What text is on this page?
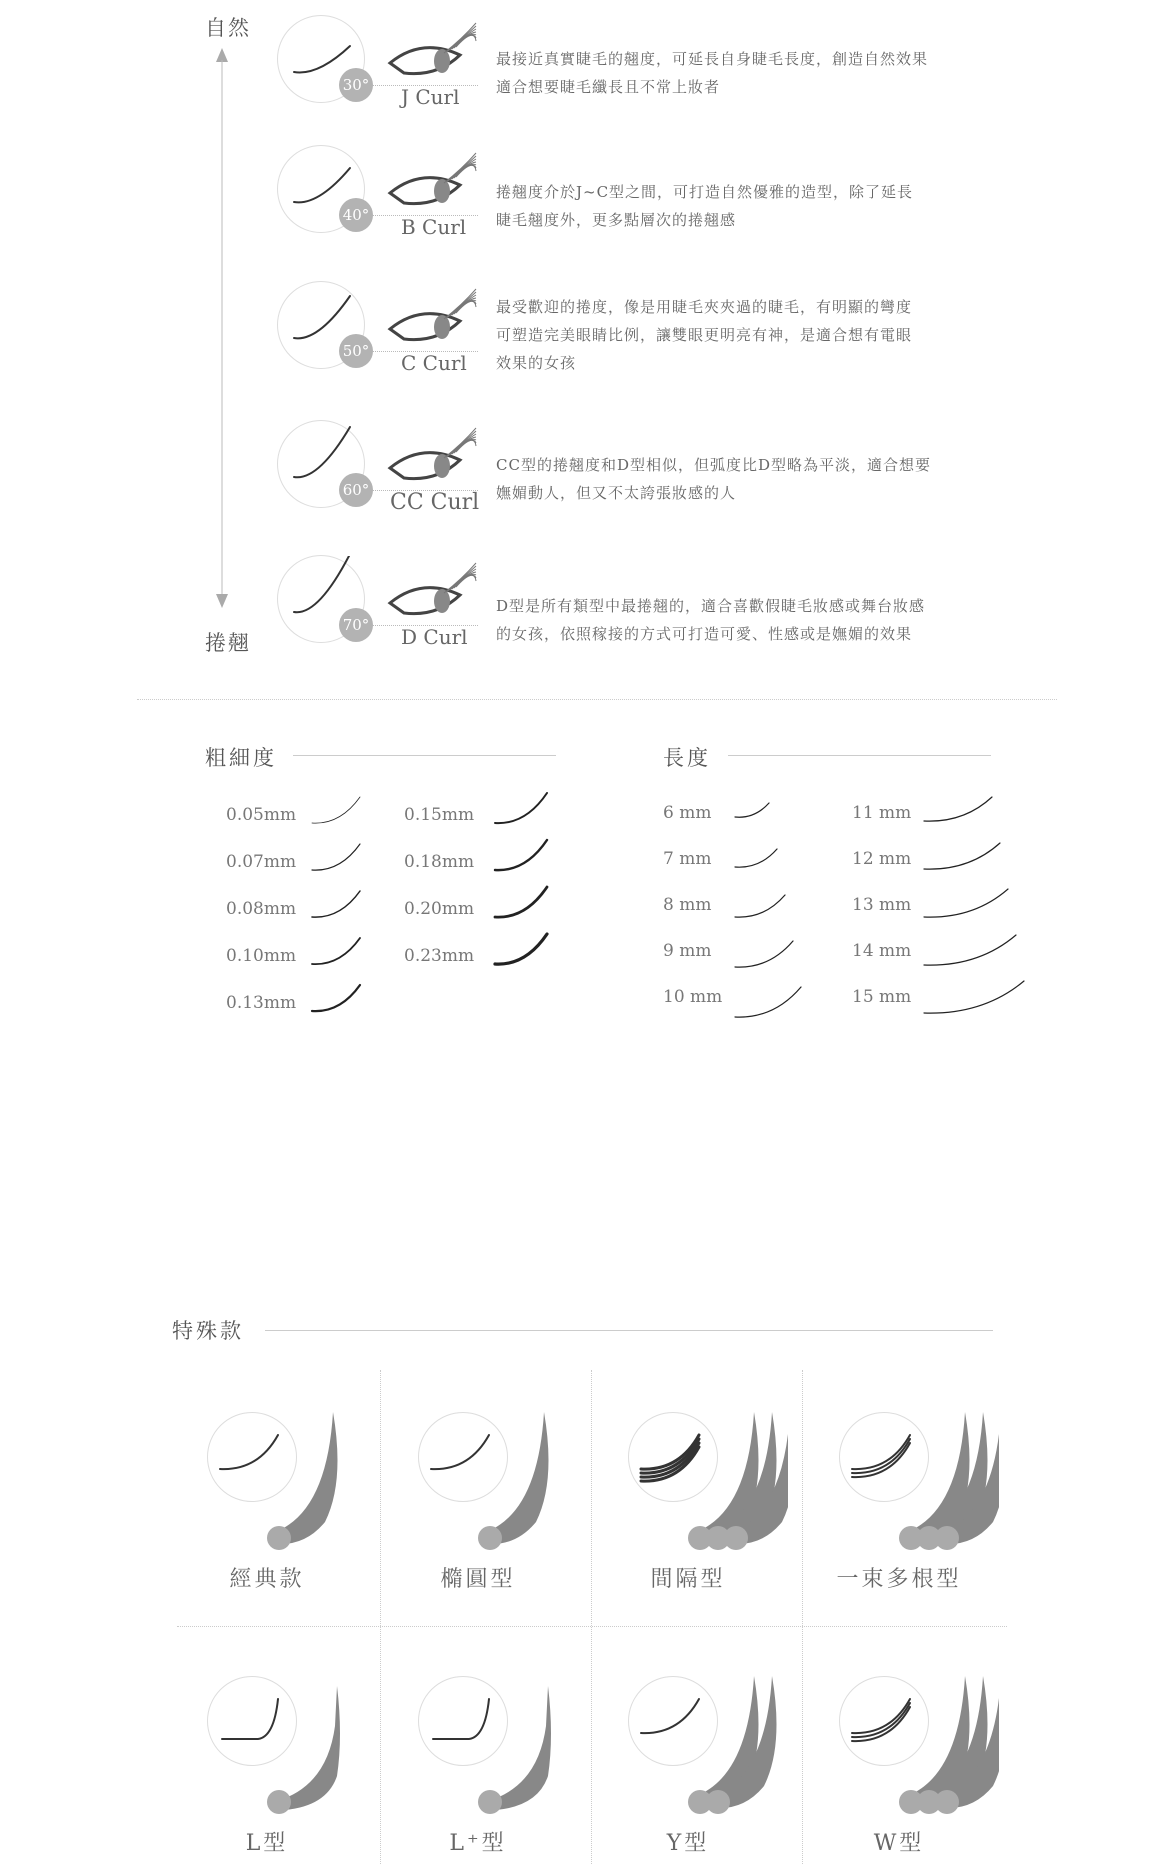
自然
捲翹
30° J Curl
最接近真實睫毛的翹度，可延長自身睫毛長度，創造自然效果
適合想要睫毛纖長且不常上妝者
40° B Curl
捲翹度介於J~C型之間，可打造自然優雅的造型，除了延長
睫毛翹度外，更多點層次的捲翹感
50° C Curl
最受歡迎的捲度，像是用睫毛夾夾過的睫毛，有明顯的彎度
可塑造完美眼睛比例，讓雙眼更明亮有神，是適合想有電眼
效果的女孩
60° CC Curl
CC型的捲翹度和D型相似，但弧度比D型略為平淡，適合想要
嫵媚動人，但又不太誇張妝感的人
70° D Curl
D型是所有類型中最捲翹的，適合喜歡假睫毛妝感或舞台妝感
的女孩，依照稼接的方式可打造可愛、性感或是嫵媚的效果
粗細度	長度
0.05mm
0.07mm
0.08mm
0.10mm
0.13mm
0.15mm
0.18mm
0.20mm
0.23mm
6 mm
7 mm
8 mm
9 mm
10 mm
11 mm
12 mm
13 mm
14 mm
15 mm
特殊款
經典款	橢圓型	間隔型	一束多根型
L型	L⁺型	Y型	W型
